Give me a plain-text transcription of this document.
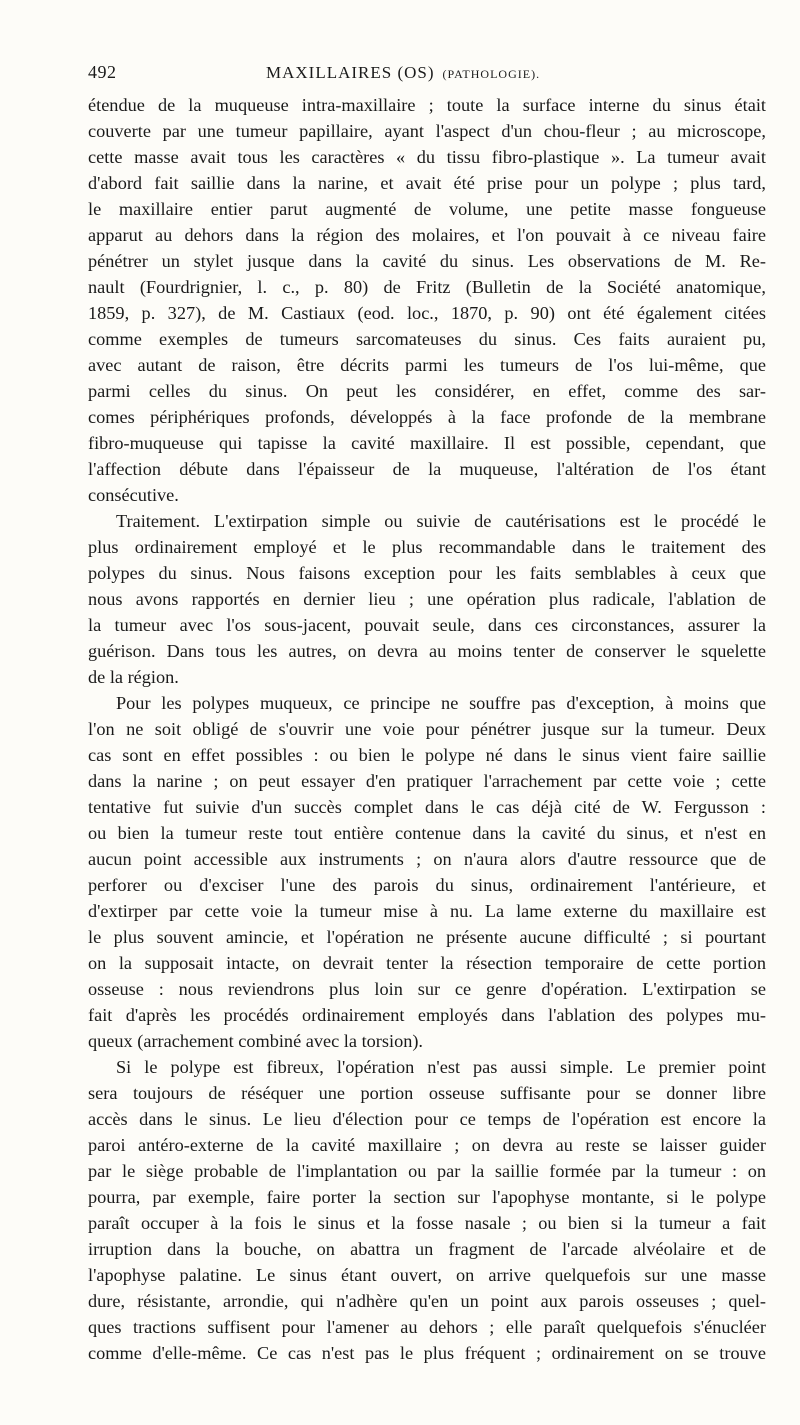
492	MAXILLAIRES (OS) (PATHOLOGIE).
étendue de la muqueuse intra-maxillaire ; toute la surface interne du sinus était
couverte par une tumeur papillaire, ayant l'aspect d'un chou-fleur ; au microscope,
cette masse avait tous les caractères « du tissu fibro-plastique ». La tumeur avait
d'abord fait saillie dans la narine, et avait été prise pour un polype ; plus tard,
le maxillaire entier parut augmenté de volume, une petite masse fongueuse
apparut au dehors dans la région des molaires, et l'on pouvait à ce niveau faire
pénétrer un stylet jusque dans la cavité du sinus. Les observations de M. Re-
nault (Fourdrignier, l. c., p. 80) de Fritz (Bulletin de la Société anatomique,
1859, p. 327), de M. Castiaux (eod. loc., 1870, p. 90) ont été également citées
comme exemples de tumeurs sarcomateuses du sinus. Ces faits auraient pu,
avec autant de raison, être décrits parmi les tumeurs de l'os lui-même, que
parmi celles du sinus. On peut les considérer, en effet, comme des sar-
comes périphériques profonds, développés à la face profonde de la membrane
fibro-muqueuse qui tapisse la cavité maxillaire. Il est possible, cependant, que
l'affection débute dans l'épaisseur de la muqueuse, l'altération de l'os étant
consécutive.
Traitement. L'extirpation simple ou suivie de cautérisations est le procédé le
plus ordinairement employé et le plus recommandable dans le traitement des
polypes du sinus. Nous faisons exception pour les faits semblables à ceux que
nous avons rapportés en dernier lieu ; une opération plus radicale, l'ablation de
la tumeur avec l'os sous-jacent, pouvait seule, dans ces circonstances, assurer la
guérison. Dans tous les autres, on devra au moins tenter de conserver le squelette
de la région.
Pour les polypes muqueux, ce principe ne souffre pas d'exception, à moins que
l'on ne soit obligé de s'ouvrir une voie pour pénétrer jusque sur la tumeur. Deux
cas sont en effet possibles : ou bien le polype né dans le sinus vient faire saillie
dans la narine ; on peut essayer d'en pratiquer l'arrachement par cette voie ; cette
tentative fut suivie d'un succès complet dans le cas déjà cité de W. Fergusson :
ou bien la tumeur reste tout entière contenue dans la cavité du sinus, et n'est en
aucun point accessible aux instruments ; on n'aura alors d'autre ressource que de
perforer ou d'exciser l'une des parois du sinus, ordinairement l'antérieure, et
d'extirper par cette voie la tumeur mise à nu. La lame externe du maxillaire est
le plus souvent amincie, et l'opération ne présente aucune difficulté ; si pourtant
on la supposait intacte, on devrait tenter la résection temporaire de cette portion
osseuse : nous reviendrons plus loin sur ce genre d'opération. L'extirpation se
fait d'après les procédés ordinairement employés dans l'ablation des polypes mu-
queux (arrachement combiné avec la torsion).
Si le polype est fibreux, l'opération n'est pas aussi simple. Le premier point
sera toujours de réséquer une portion osseuse suffisante pour se donner libre
accès dans le sinus. Le lieu d'élection pour ce temps de l'opération est encore la
paroi antéro-externe de la cavité maxillaire ; on devra au reste se laisser guider
par le siège probable de l'implantation ou par la saillie formée par la tumeur : on
pourra, par exemple, faire porter la section sur l'apophyse montante, si le polype
paraît occuper à la fois le sinus et la fosse nasale ; ou bien si la tumeur a fait
irruption dans la bouche, on abattra un fragment de l'arcade alvéolaire et de
l'apophyse palatine. Le sinus étant ouvert, on arrive quelquefois sur une masse
dure, résistante, arrondie, qui n'adhère qu'en un point aux parois osseuses ; quel-
ques tractions suffisent pour l'amener au dehors ; elle paraît quelquefois s'énucléer
comme d'elle-même. Ce cas n'est pas le plus fréquent ; ordinairement on se trouve
